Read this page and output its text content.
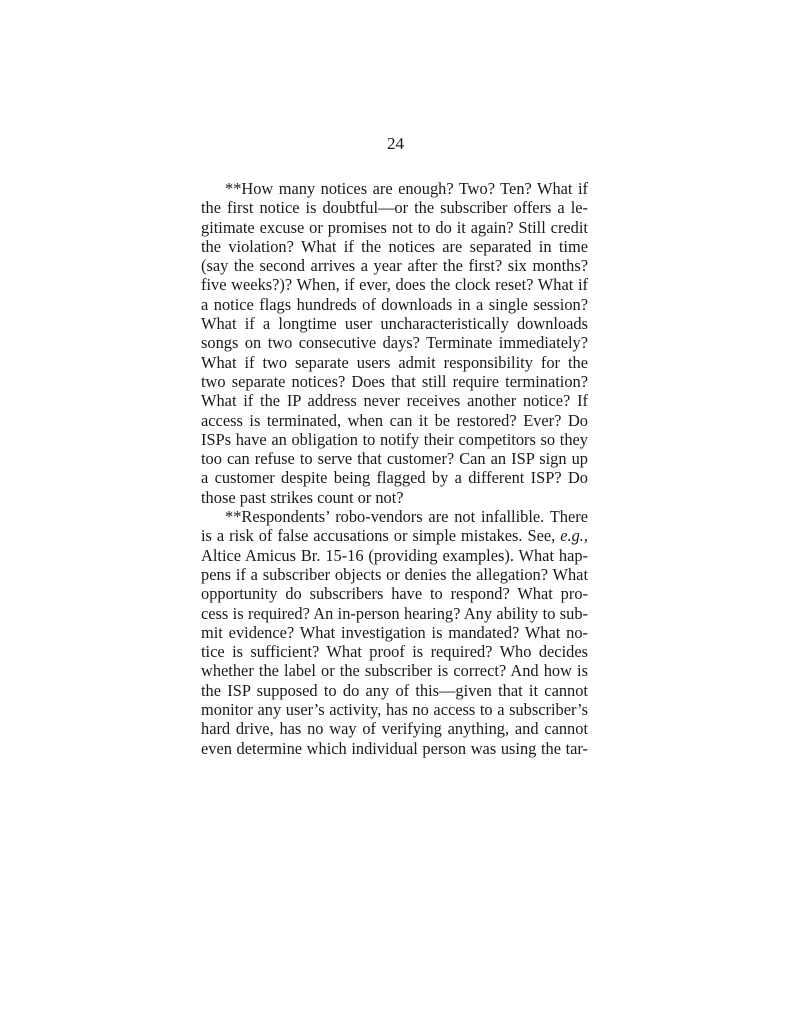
24
**How many notices are enough? Two? Ten? What if
the first notice is doubtful—or the subscriber offers a le-
gitimate excuse or promises not to do it again? Still credit
the violation? What if the notices are separated in time
(say the second arrives a year after the first? six months?
five weeks?)? When, if ever, does the clock reset? What if
a notice flags hundreds of downloads in a single session?
What if a longtime user uncharacteristically downloads
songs on two consecutive days? Terminate immediately?
What if two separate users admit responsibility for the
two separate notices? Does that still require termination?
What if the IP address never receives another notice? If
access is terminated, when can it be restored? Ever? Do
ISPs have an obligation to notify their competitors so they
too can refuse to serve that customer? Can an ISP sign up
a customer despite being flagged by a different ISP? Do
those past strikes count or not?
**Respondents’ robo-vendors are not infallible. There
is a risk of false accusations or simple mistakes. See, e.g.,
Altice Amicus Br. 15-16 (providing examples). What hap-
pens if a subscriber objects or denies the allegation? What
opportunity do subscribers have to respond? What pro-
cess is required? An in-person hearing? Any ability to sub-
mit evidence? What investigation is mandated? What no-
tice is sufficient? What proof is required? Who decides
whether the label or the subscriber is correct? And how is
the ISP supposed to do any of this—given that it cannot
monitor any user’s activity, has no access to a subscriber’s
hard drive, has no way of verifying anything, and cannot
even determine which individual person was using the tar-
